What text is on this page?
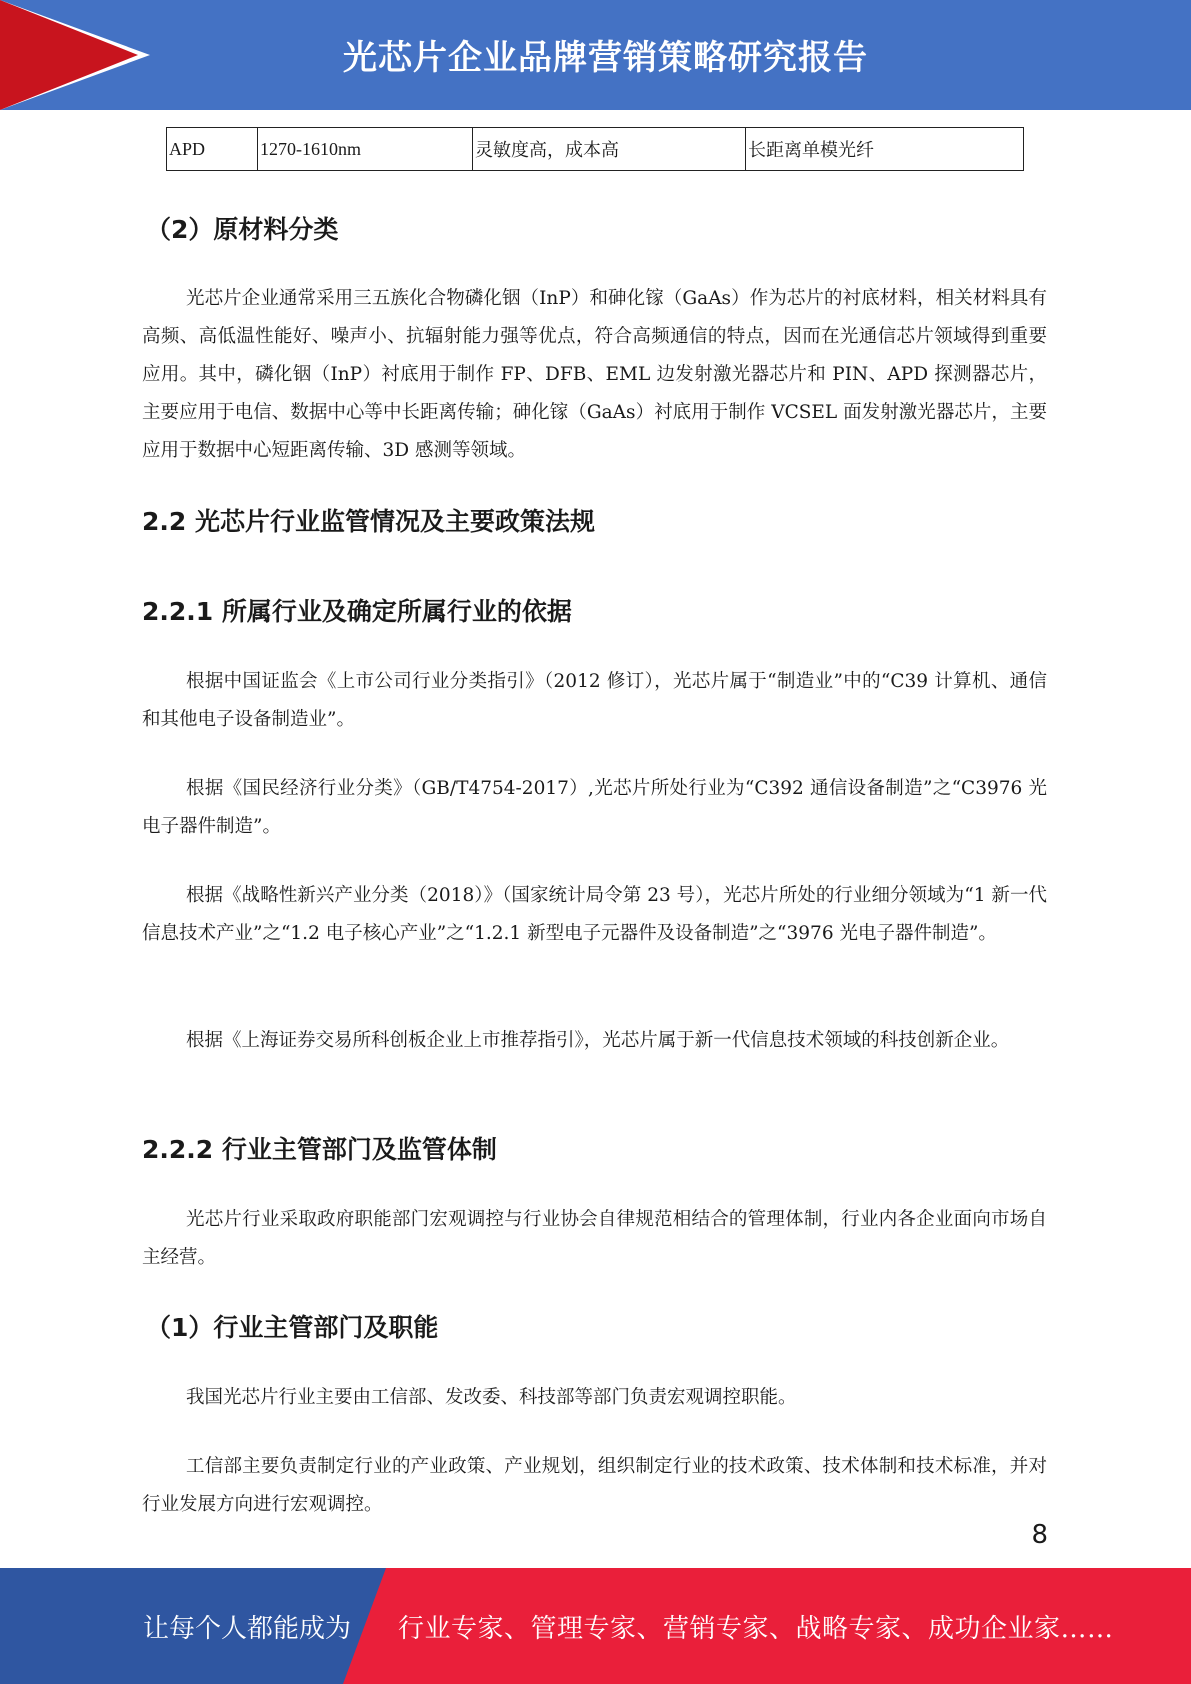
光芯片企业品牌营销策略研究报告
APD	1270-1610nm	灵敏度高，成本高	长距离单模光纤
（2）原材料分类

光芯片企业通常采用三五族化合物磷化铟（InP）和砷化镓（GaAs）作为芯片的衬底材料，相关材料具有高频、高低温性能好、噪声小、抗辐射能力强等优点，符合高频通信的特点，因而在光通信芯片领域得到重要应用。其中，磷化铟（InP）衬底用于制作 FP、DFB、EML 边发射激光器芯片和 PIN、APD 探测器芯片，主要应用于电信、数据中心等中长距离传输；砷化镓（GaAs）衬底用于制作 VCSEL 面发射激光器芯片，主要应用于数据中心短距离传输、3D 感测等领域。

2.2 光芯片行业监管情况及主要政策法规
2.2.1 所属行业及确定所属行业的依据

根据中国证监会《上市公司行业分类指引》（2012 修订），光芯片属于“制造业”中的“C39 计算机、通信和其他电子设备制造业”。

根据《国民经济行业分类》（GB/T4754-2017）,光芯片所处行业为“C392 通信设备制造”之“C3976 光电子器件制造”。

根据《战略性新兴产业分类（2018）》（国家统计局令第 23 号），光芯片所处的行业细分领域为“1 新一代信息技术产业”之“1.2 电子核心产业”之“1.2.1 新型电子元器件及设备制造”之“3976 光电子器件制造”。

根据《上海证券交易所科创板企业上市推荐指引》，光芯片属于新一代信息技术领域的科技创新企业。

2.2.2 行业主管部门及监管体制

光芯片行业采取政府职能部门宏观调控与行业协会自律规范相结合的管理体制，行业内各企业面向市场自主经营。

（1）行业主管部门及职能

我国光芯片行业主要由工信部、发改委、科技部等部门负责宏观调控职能。

工信部主要负责制定行业的产业政策、产业规划，组织制定行业的技术政策、技术体制和技术标准，并对行业发展方向进行宏观调控。

8
让每个人都能成为 行业专家、管理专家、营销专家、战略专家、成功企业家……
